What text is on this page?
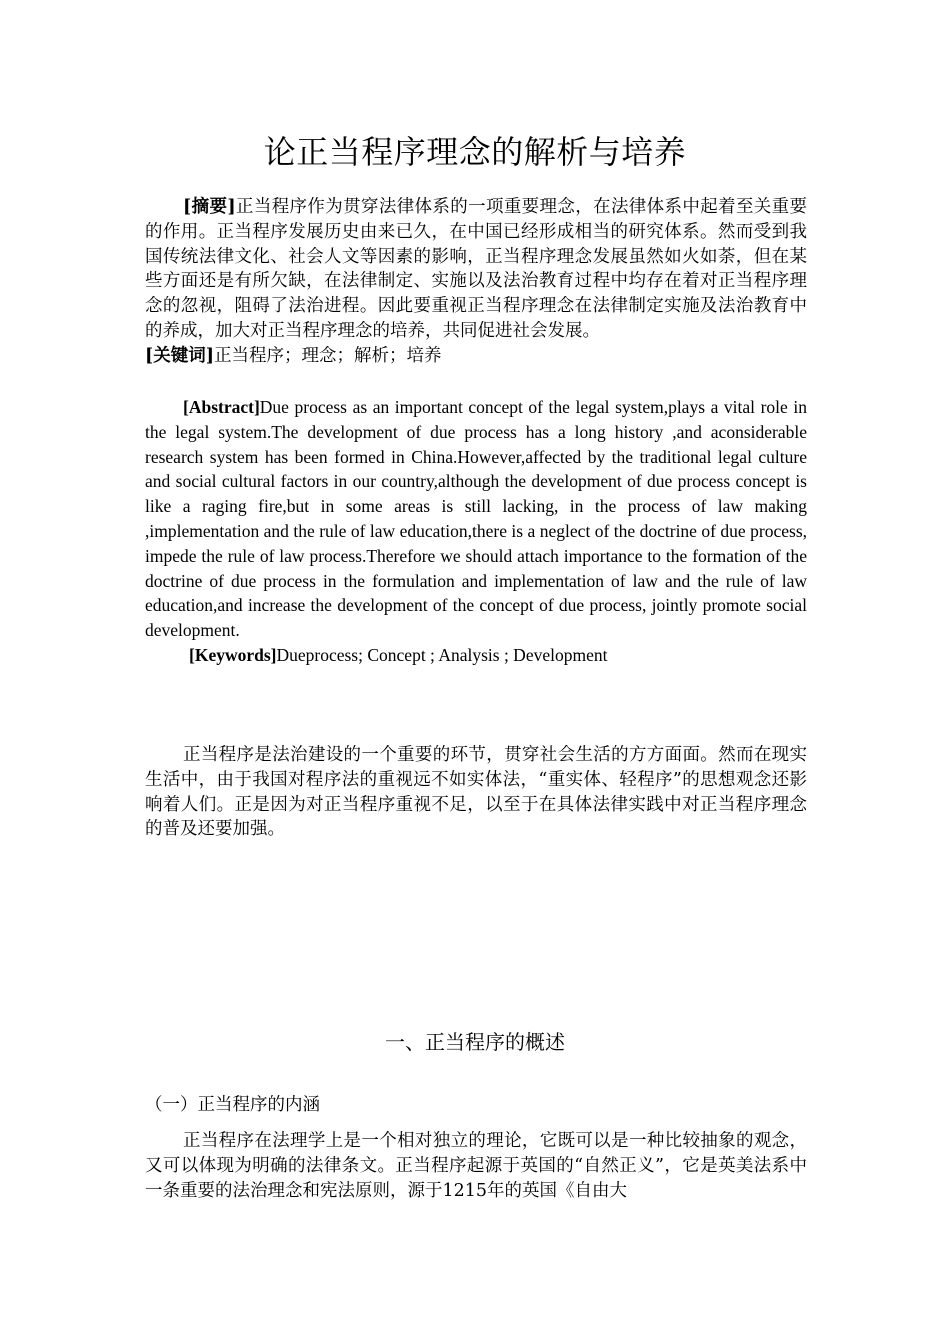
论正当程序理念的解析与培养

[摘要]正当程序作为贯穿法律体系的一项重要理念，在法律体系中起着至关重要的作用。正当程序发展历史由来已久，在中国已经形成相当的研究体系。然而受到我国传统法律文化、社会人文等因素的影响，正当程序理念发展虽然如火如荼，但在某些方面还是有所欠缺，在法律制定、实施以及法治教育过程中均存在着对正当程序理念的忽视，阻碍了法治进程。因此要重视正当程序理念在法律制定实施及法治教育中的养成，加大对正当程序理念的培养，共同促进社会发展。

[关键词]正当程序；理念；解析；培养

[Abstract]Due process as an important concept of the legal system,plays a vital role in the legal system.The development of due process has a long history ,and aconsiderable research system has been formed in China.However,affected by the traditional legal culture and social cultural factors in our country,although the development of due process concept is like a raging fire,but in some areas is still lacking, in the process of law making ,implementation and the rule of law education,there is a neglect of the doctrine of due process, impede the rule of law process.Therefore we should attach importance to the formation of the doctrine of due process in the formulation and implementation of law and the rule of law education,and increase the development of the concept of due process, jointly promote social development.

[Keywords]Dueprocess; Concept ; Analysis ; Development

正当程序是法治建设的一个重要的环节，贯穿社会生活的方方面面。然而在现实生活中，由于我国对程序法的重视远不如实体法，“重实体、轻程序”的思想观念还影响着人们。正是因为对正当程序重视不足，以至于在具体法律实践中对正当程序理念的普及还要加强。

一、正当程序的概述
（一）正当程序的内涵

正当程序在法理学上是一个相对独立的理论，它既可以是一种比较抽象的观念，又可以体现为明确的法律条文。正当程序起源于英国的“自然正义”，它是英美法系中一条重要的法治理念和宪法原则，源于1215年的英国《自由大
